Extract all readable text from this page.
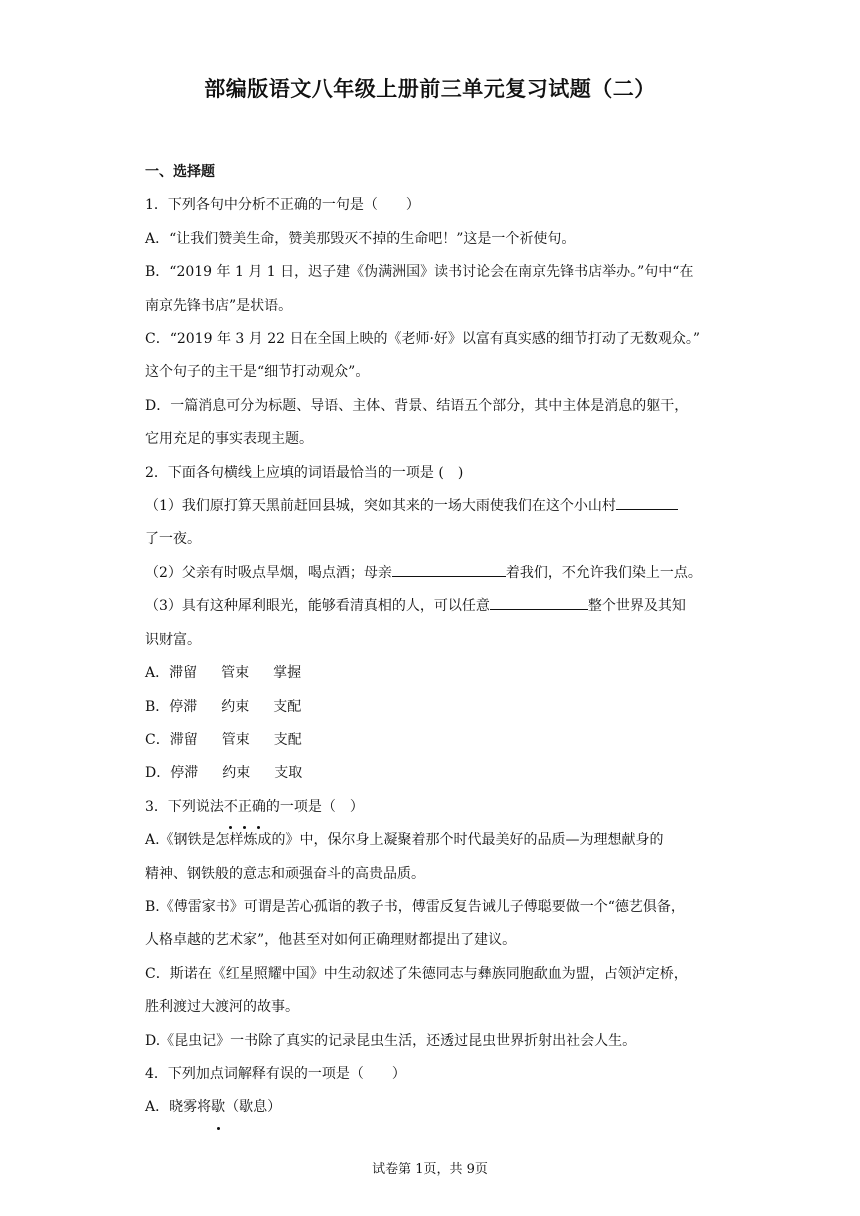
部编版语文八年级上册前三单元复习试题（二）
一、选择题
1．下列各句中分析不正确的一句是（　　）
A．“让我们赞美生命，赞美那毁灭不掉的生命吧！”这是一个祈使句。
B．“2019 年 1 月 1 日，迟子建《伪满洲国》读书讨论会在南京先锋书店举办。”句中“在
南京先锋书店”是状语。
C．“2019 年 3 月 22 日在全国上映的《老师·好》以富有真实感的细节打动了无数观众。”
这个句子的主干是“细节打动观众”。
D．一篇消息可分为标题、导语、主体、背景、结语五个部分，其中主体是消息的躯干，
它用充足的事实表现主题。
2．下面各句横线上应填的词语最恰当的一项是 (　)
（1）我们原打算天黑前赶回县城，突如其来的一场大雨使我们在这个小山村
了一夜。
（2）父亲有时吸点旱烟，喝点酒；母亲	着我们，不允许我们染上一点。
（3）具有这种犀利眼光，能够看清真相的人，可以任意	整个世界及其知
识财富。
A．滞留 管束 掌握
B．停滞 约束 支配
C．滞留 管束 支配
D．停滞 约束 支取
3．下列说法不正确的一项是（　）
A.《钢铁是怎样炼成的》中，保尔身上凝聚着那个时代最美好的品质—为理想献身的
精神、钢铁般的意志和顽强奋斗的高贵品质。
B.《傅雷家书》可谓是苦心孤诣的教子书，傅雷反复告诫儿子傅聪要做一个“德艺俱备，
人格卓越的艺术家”，他甚至对如何正确理财都提出了建议。
C．斯诺在《红星照耀中国》中生动叙述了朱德同志与彝族同胞歃血为盟，占领泸定桥，
胜利渡过大渡河的故事。
D.《昆虫记》一书除了真实的记录昆虫生活，还透过昆虫世界折射出社会人生。
4．下列加点词解释有误的一项是（　　）
A．晓雾将歇（歇息）
试卷第 1页，共 9页
